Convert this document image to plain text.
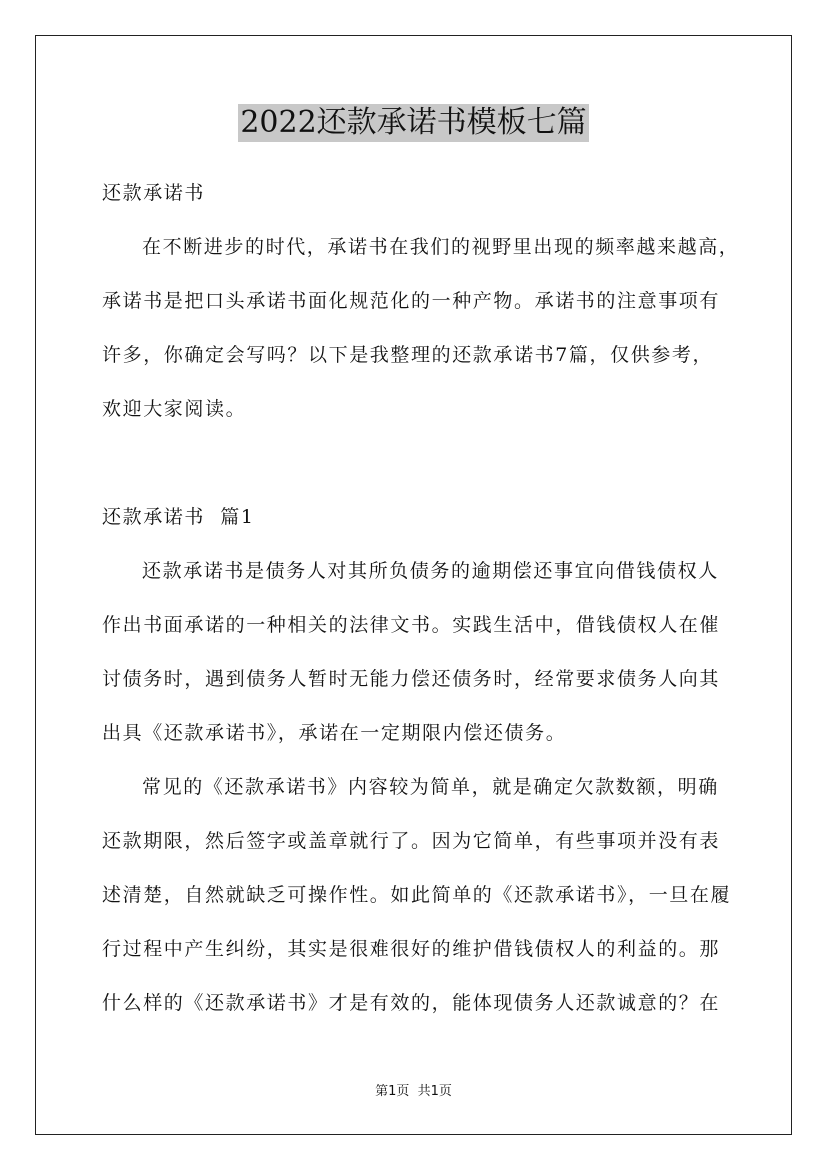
2022还款承诺书模板七篇
还款承诺书
在不断进步的时代，承诺书在我们的视野里出现的频率越来越高，
承诺书是把口头承诺书面化规范化的一种产物。承诺书的注意事项有
许多，你确定会写吗？以下是我整理的还款承诺书7篇，仅供参考，
欢迎大家阅读。
还款承诺书  篇1
还款承诺书是债务人对其所负债务的逾期偿还事宜向借钱债权人
作出书面承诺的一种相关的法律文书。实践生活中，借钱债权人在催
讨债务时，遇到债务人暂时无能力偿还债务时，经常要求债务人向其
出具《还款承诺书》，承诺在一定期限内偿还债务。
常见的《还款承诺书》内容较为简单，就是确定欠款数额，明确
还款期限，然后签字或盖章就行了。因为它简单，有些事项并没有表
述清楚，自然就缺乏可操作性。如此简单的《还款承诺书》，一旦在履
行过程中产生纠纷，其实是很难很好的维护借钱债权人的利益的。那
什么样的《还款承诺书》才是有效的，能体现债务人还款诚意的？在
第1页  共1页
